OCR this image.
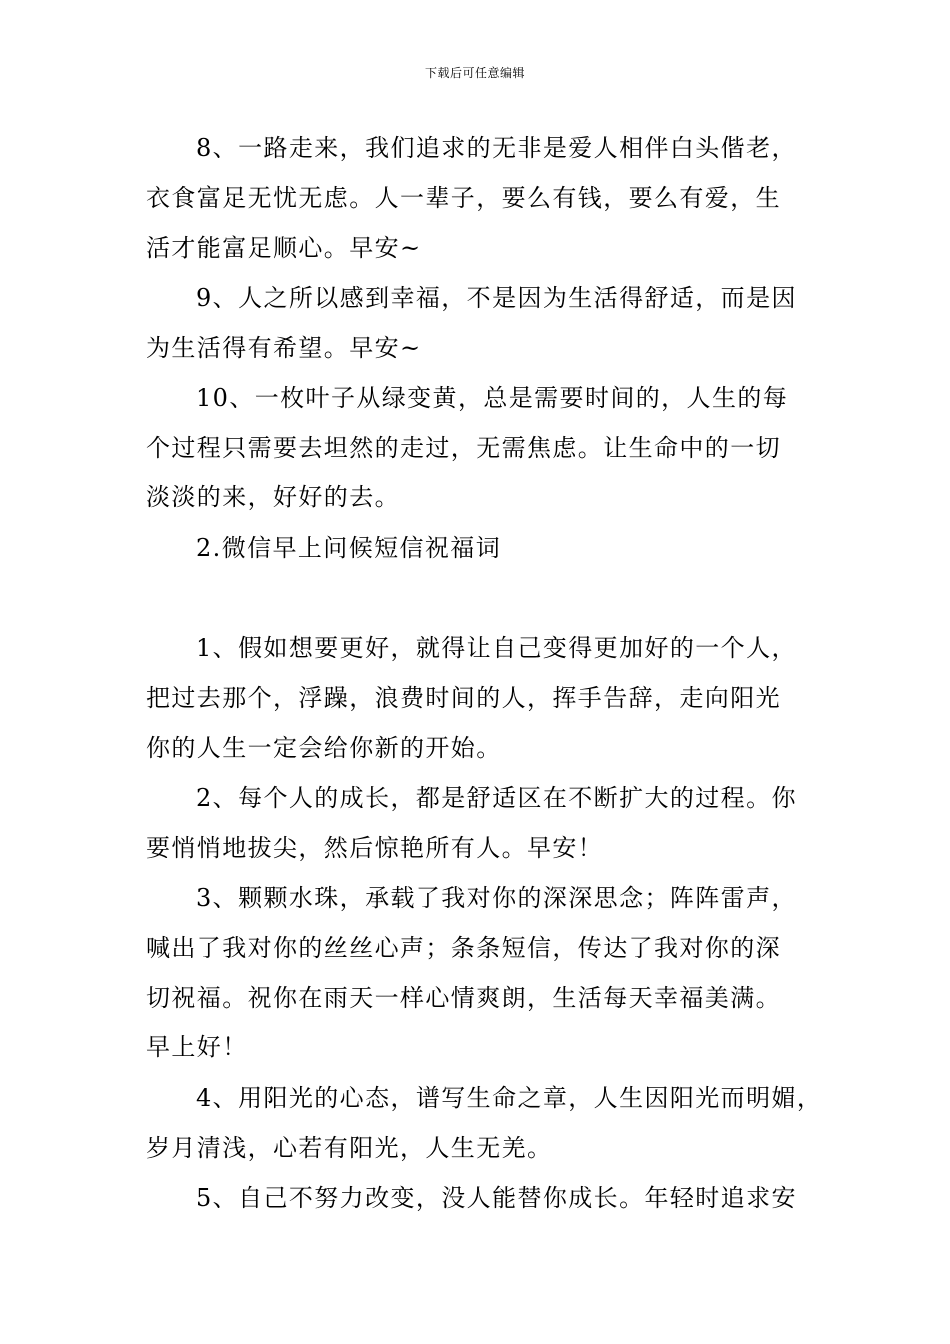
下载后可任意编辑
8、一路走来，我们追求的无非是爱人相伴白头偕老，
衣食富足无忧无虑。人一辈子，要么有钱，要么有爱，生
活才能富足顺心。早安~
9、人之所以感到幸福，不是因为生活得舒适，而是因
为生活得有希望。早安~
10、一枚叶子从绿变黄，总是需要时间的，人生的每
个过程只需要去坦然的走过，无需焦虑。让生命中的一切
淡淡的来，好好的去。
2.微信早上问候短信祝福词
1、假如想要更好，就得让自己变得更加好的一个人，
把过去那个，浮躁，浪费时间的人，挥手告辞，走向阳光
你的人生一定会给你新的开始。
2、每个人的成长，都是舒适区在不断扩大的过程。你
要悄悄地拔尖，然后惊艳所有人。早安！
3、颗颗水珠，承载了我对你的深深思念；阵阵雷声，
喊出了我对你的丝丝心声；条条短信，传达了我对你的深
切祝福。祝你在雨天一样心情爽朗，生活每天幸福美满。
早上好！
4、用阳光的心态，谱写生命之章，人生因阳光而明媚，
岁月清浅，心若有阳光，人生无羌。
5、自己不努力改变，没人能替你成长。年轻时追求安
